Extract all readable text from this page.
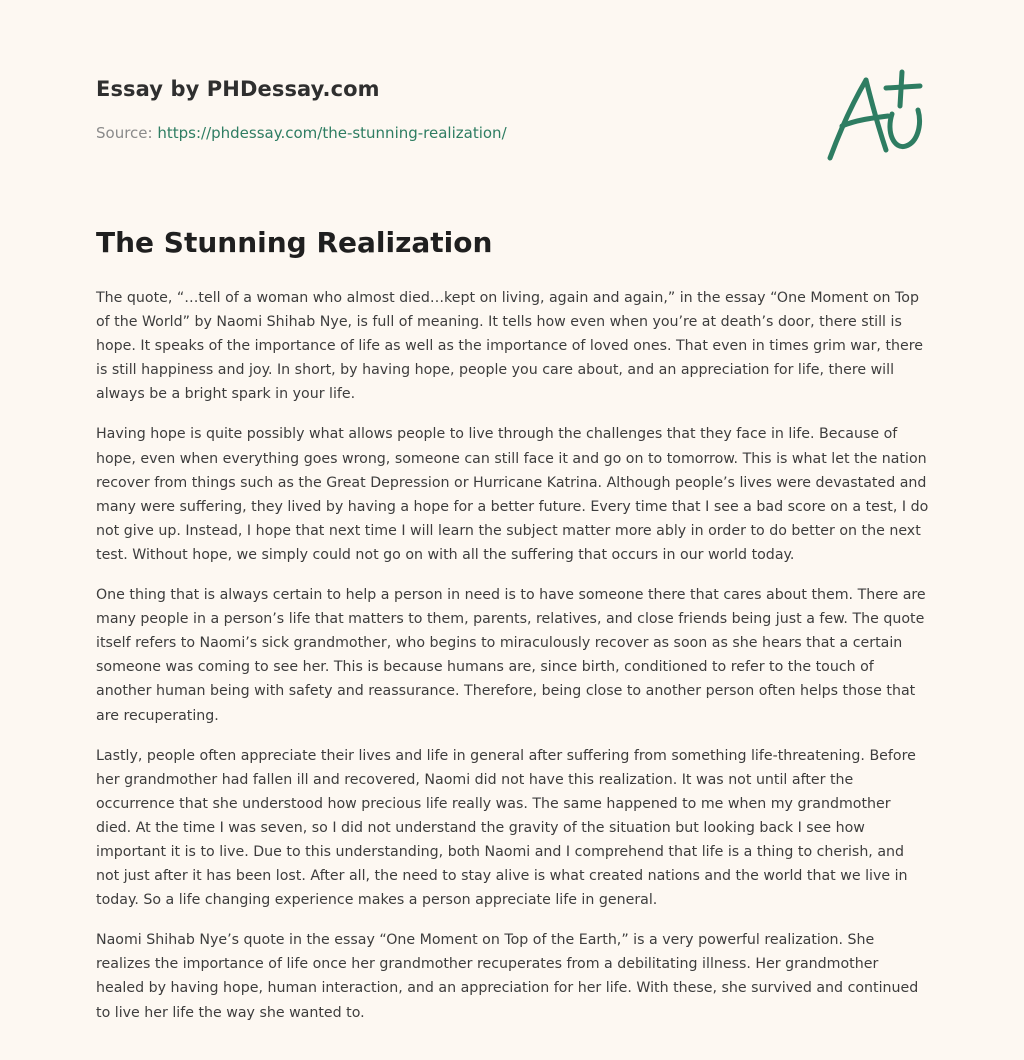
Essay by PHDessay.com
Source: https://phdessay.com/the-stunning-realization/
The Stunning Realization

The quote, “…tell of a woman who almost died…kept on living, again and again,” in the essay “One Moment on Top of the World” by Naomi Shihab Nye, is full of meaning. It tells how even when you’re at death’s door, there still is hope. It speaks of the importance of life as well as the importance of loved ones. That even in times grim war, there is still happiness and joy. In short, by having hope, people you care about, and an appreciation for life, there will always be a bright spark in your life.

Having hope is quite possibly what allows people to live through the challenges that they face in life. Because of hope, even when everything goes wrong, someone can still face it and go on to tomorrow. This is what let the nation recover from things such as the Great Depression or Hurricane Katrina. Although people’s lives were devastated and many were suffering, they lived by having a hope for a better future. Every time that I see a bad score on a test, I do not give up. Instead, I hope that next time I will learn the subject matter more ably in order to do better on the next test. Without hope, we simply could not go on with all the suffering that occurs in our world today.

One thing that is always certain to help a person in need is to have someone there that cares about them. There are many people in a person’s life that matters to them, parents, relatives, and close friends being just a few. The quote itself refers to Naomi’s sick grandmother, who begins to miraculously recover as soon as she hears that a certain someone was coming to see her. This is because humans are, since birth, conditioned to refer to the touch of another human being with safety and reassurance. Therefore, being close to another person often helps those that are recuperating.

Lastly, people often appreciate their lives and life in general after suffering from something life-threatening. Before her grandmother had fallen ill and recovered, Naomi did not have this realization. It was not until after the occurrence that she understood how precious life really was. The same happened to me when my grandmother died. At the time I was seven, so I did not understand the gravity of the situation but looking back I see how important it is to live. Due to this understanding, both Naomi and I comprehend that life is a thing to cherish, and not just after it has been lost. After all, the need to stay alive is what created nations and the world that we live in today. So a life changing experience makes a person appreciate life in general.

Naomi Shihab Nye’s quote in the essay “One Moment on Top of the Earth,” is a very powerful realization. She realizes the importance of life once her grandmother recuperates from a debilitating illness. Her grandmother healed by having hope, human interaction, and an appreciation for her life. With these, she survived and continued to live her life the way she wanted to.
